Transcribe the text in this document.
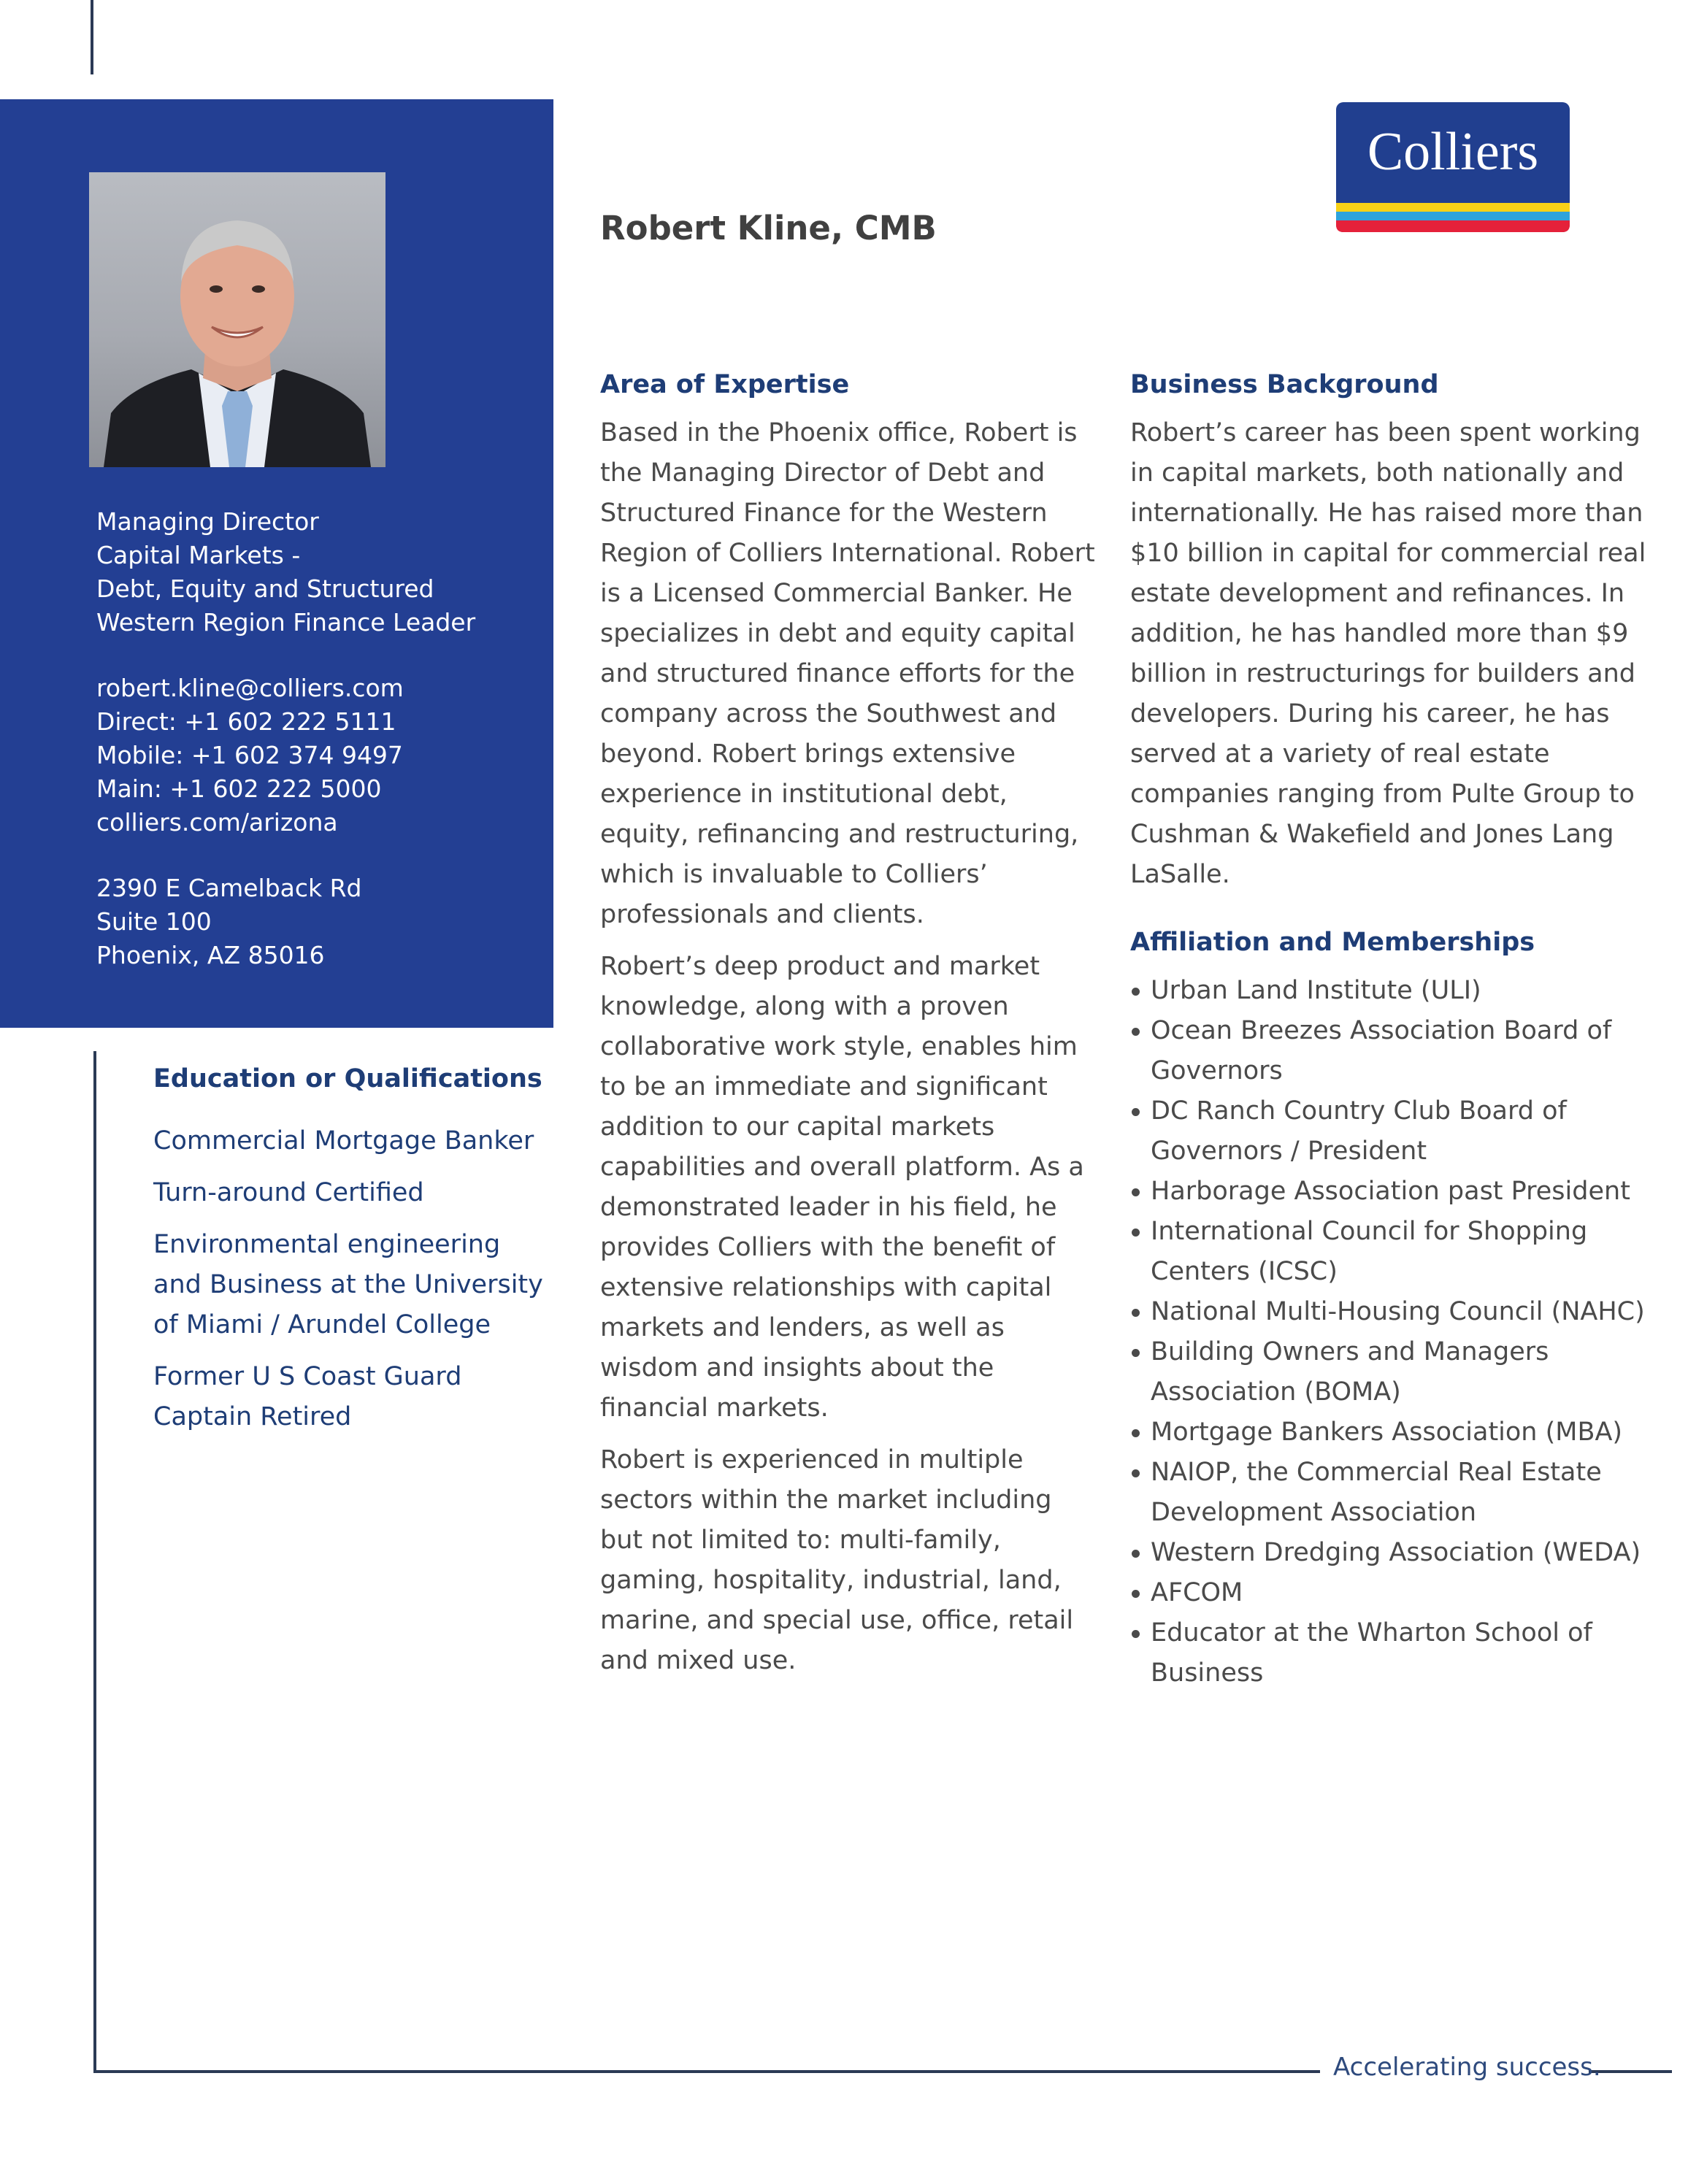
Managing Director
Capital Markets -
Debt, Equity and Structured
Western Region Finance Leader
robert.kline@colliers.com
Direct: +1 602 222 5111
Mobile: +1 602 374 9497
Main: +1 602 222 5000
colliers.com/arizona
2390 E Camelback Rd
Suite 100
Phoenix, AZ 85016
Accelerating success.
Education or Qualifications
Commercial Mortgage Banker
Turn-around Certified
Environmental engineering and Business at the University of Miami / Arundel College
Former U S Coast Guard Captain Retired
Robert Kline, CMB
Colliers
Area of Expertise

Based in the Phoenix office, Robert is the Managing Director of Debt and Structured Finance for the Western Region of Colliers International. Robert is a Licensed Commercial Banker. He specializes in debt and equity capital and structured finance efforts for the company across the Southwest and beyond. Robert brings extensive experience in institutional debt, equity, refinancing and restructuring, which is invaluable to Colliers’ professionals and clients.

Robert’s deep product and market knowledge, along with a proven collaborative work style, enables him to be an immediate and significant addition to our capital markets capabilities and overall platform. As a demonstrated leader in his field, he provides Colliers with the benefit of extensive relationships with capital markets and lenders, as well as wisdom and insights about the financial markets.

Robert is experienced in multiple sectors within the market including but not limited to: multi-family, gaming, hospitality, industrial, land, marine, and special use, office, retail and mixed use.

Business Background

Robert’s career has been spent working in capital markets, both nationally and internationally. He has raised more than $10 billion in capital for commercial real estate development and refinances. In addition, he has handled more than $9 billion in restructurings for builders and developers. During his career, he has served at a variety of real estate companies ranging from Pulte Group to Cushman & Wakefield and Jones Lang LaSalle.

Affiliation and Memberships
Urban Land Institute (ULI)
Ocean Breezes Association Board of Governors
DC Ranch Country Club Board of Governors / President
Harborage Association past President
International Council for Shopping Centers (ICSC)
National Multi-Housing Council (NAHC)
Building Owners and Managers Association (BOMA)
Mortgage Bankers Association (MBA)
NAIOP, the Commercial Real Estate Development Association
Western Dredging Association (WEDA)
AFCOM
Educator at the Wharton School of Business
